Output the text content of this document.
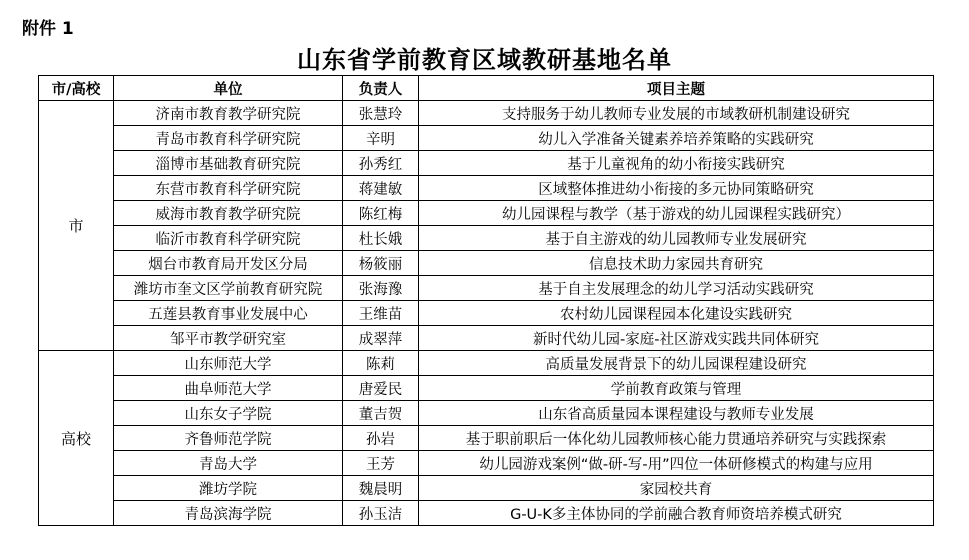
附件 1
山东省学前教育区域教研基地名单
市/高校	单位	负责人	项目主题
市	济南市教育教学研究院	张慧玲	支持服务于幼儿教师专业发展的市域教研机制建设研究
	青岛市教育科学研究院	辛明	幼儿入学准备关键素养培养策略的实践研究
	淄博市基础教育研究院	孙秀红	基于儿童视角的幼小衔接实践研究
	东营市教育科学研究院	蒋建敏	区域整体推进幼小衔接的多元协同策略研究
	威海市教育教学研究院	陈红梅	幼儿园课程与教学（基于游戏的幼儿园课程实践研究）
	临沂市教育科学研究院	杜长娥	基于自主游戏的幼儿园教师专业发展研究
	烟台市教育局开发区分局	杨筱丽	信息技术助力家园共育研究
	潍坊市奎文区学前教育研究院	张海豫	基于自主发展理念的幼儿学习活动实践研究
	五莲县教育事业发展中心	王维苗	农村幼儿园课程园本化建设实践研究
	邹平市教学研究室	成翠萍	新时代幼儿园-家庭-社区游戏实践共同体研究
高校	山东师范大学	陈莉	高质量发展背景下的幼儿园课程建设研究
	曲阜师范大学	唐爱民	学前教育政策与管理
	山东女子学院	董吉贺	山东省高质量园本课程建设与教师专业发展
	齐鲁师范学院	孙岩	基于职前职后一体化幼儿园教师核心能力贯通培养研究与实践探索
	青岛大学	王芳	幼儿园游戏案例“做-研-写-用”四位一体研修模式的构建与应用
	潍坊学院	魏晨明	家园校共育
	青岛滨海学院	孙玉洁	G-U-K多主体协同的学前融合教育师资培养模式研究
